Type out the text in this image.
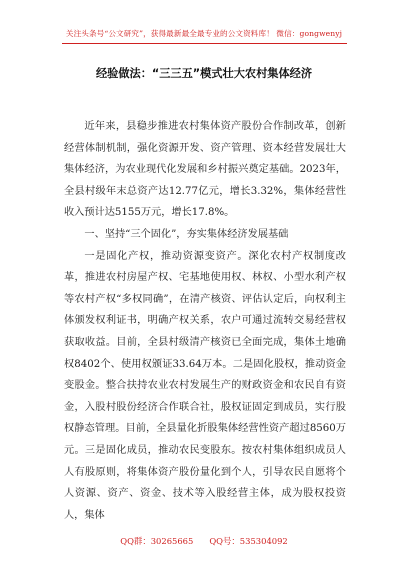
关注头条号“公文研究”，获得最新最全最专业的公文资料库！ 微信：gongwenyj
经验做法：“三三五”模式壮大农村集体经济

近年来，县稳步推进农村集体资产股份合作制改革，创新经营体制机制，强化资源开发、资产管理、资本经营发展壮大集体经济，为农业现代化发展和乡村振兴奠定基础。2023年，全县村级年末总资产达12.77亿元，增长3.32%，集体经营性收入预计达5155万元，增长17.8%。

一、坚持“三个固化”，夯实集体经济发展基础

一是固化产权，推动资源变资产。深化农村产权制度改革，推进农村房屋产权、宅基地使用权、林权、小型水利产权等农村产权“多权同确”，在清产核资、评估认定后，向权利主体颁发权利证书，明确产权关系，农户可通过流转交易经营权获取收益。目前，全县村级清产核资已全面完成，集体土地确权8402个、使用权颁证33.64万本。二是固化股权，推动资金变股金。整合扶持农业农村发展生产的财政资金和农民自有资金，入股村股份经济合作联合社，股权证固定到成员，实行股权静态管理。目前，全县量化折股集体经营性资产超过8560万元。三是固化成员，推动农民变股东。按农村集体组织成员人人有股原则，将集体资产股份量化到个人，引导农民自愿将个人资源、资产、资金、技术等入股经营主体，成为股权投资人，集体

QQ群：30265665      QQ号：535304092
